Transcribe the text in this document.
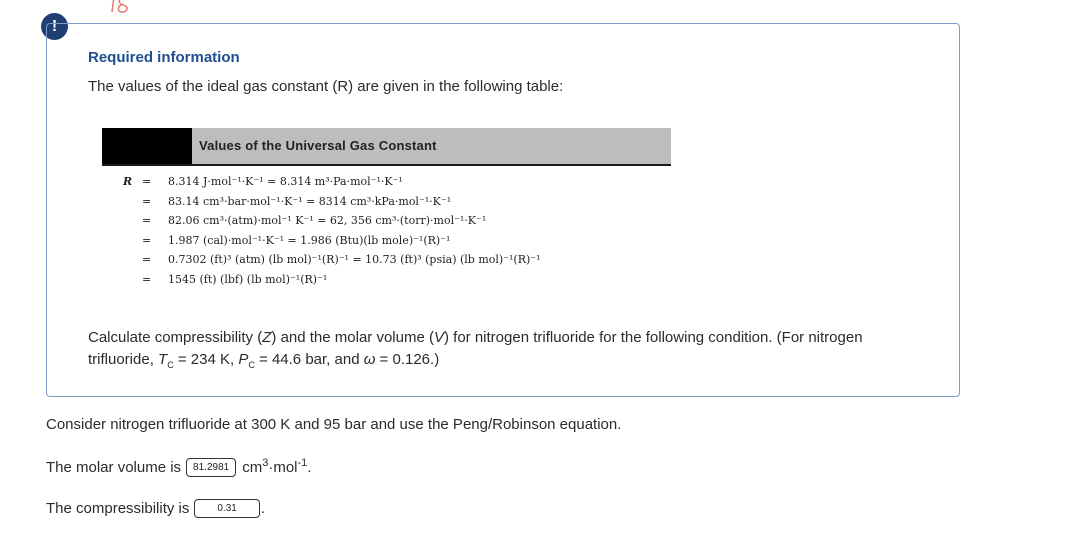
!
Required information
The values of the ideal gas constant (R) are given in the following table:
Values of the Universal Gas Constant
R =	8.314 J·mol⁻¹·K⁻¹ = 8.314 m³·Pa·mol⁻¹·K⁻¹
=	83.14 cm³·bar·mol⁻¹·K⁻¹ = 8314 cm³·kPa·mol⁻¹·K⁻¹
=	82.06 cm³·(atm)·mol⁻¹ K⁻¹ = 62, 356 cm³·(torr)·mol⁻¹·K⁻¹
=	1.987 (cal)·mol⁻¹·K⁻¹ = 1.986 (Btu)(lb mole)⁻¹(R)⁻¹
=	0.7302 (ft)³ (atm) (lb mol)⁻¹(R)⁻¹ = 10.73 (ft)³ (psia) (lb mol)⁻¹(R)⁻¹
=	1545 (ft) (lbf) (lb mol)⁻¹(R)⁻¹
Calculate compressibility (Z) and the molar volume (V) for nitrogen trifluoride for the following condition. (For nitrogen trifluoride, $T_C = 234$ K, $P_C = 44.6$ bar, and ω = 0.126.)
Consider nitrogen trifluoride at 300 K and 95 bar and use the Peng/Robinson equation.
The molar volume is	81.2981 $cm^3\cdot mol^{-1}$.
The compressibility is	0.31	.
